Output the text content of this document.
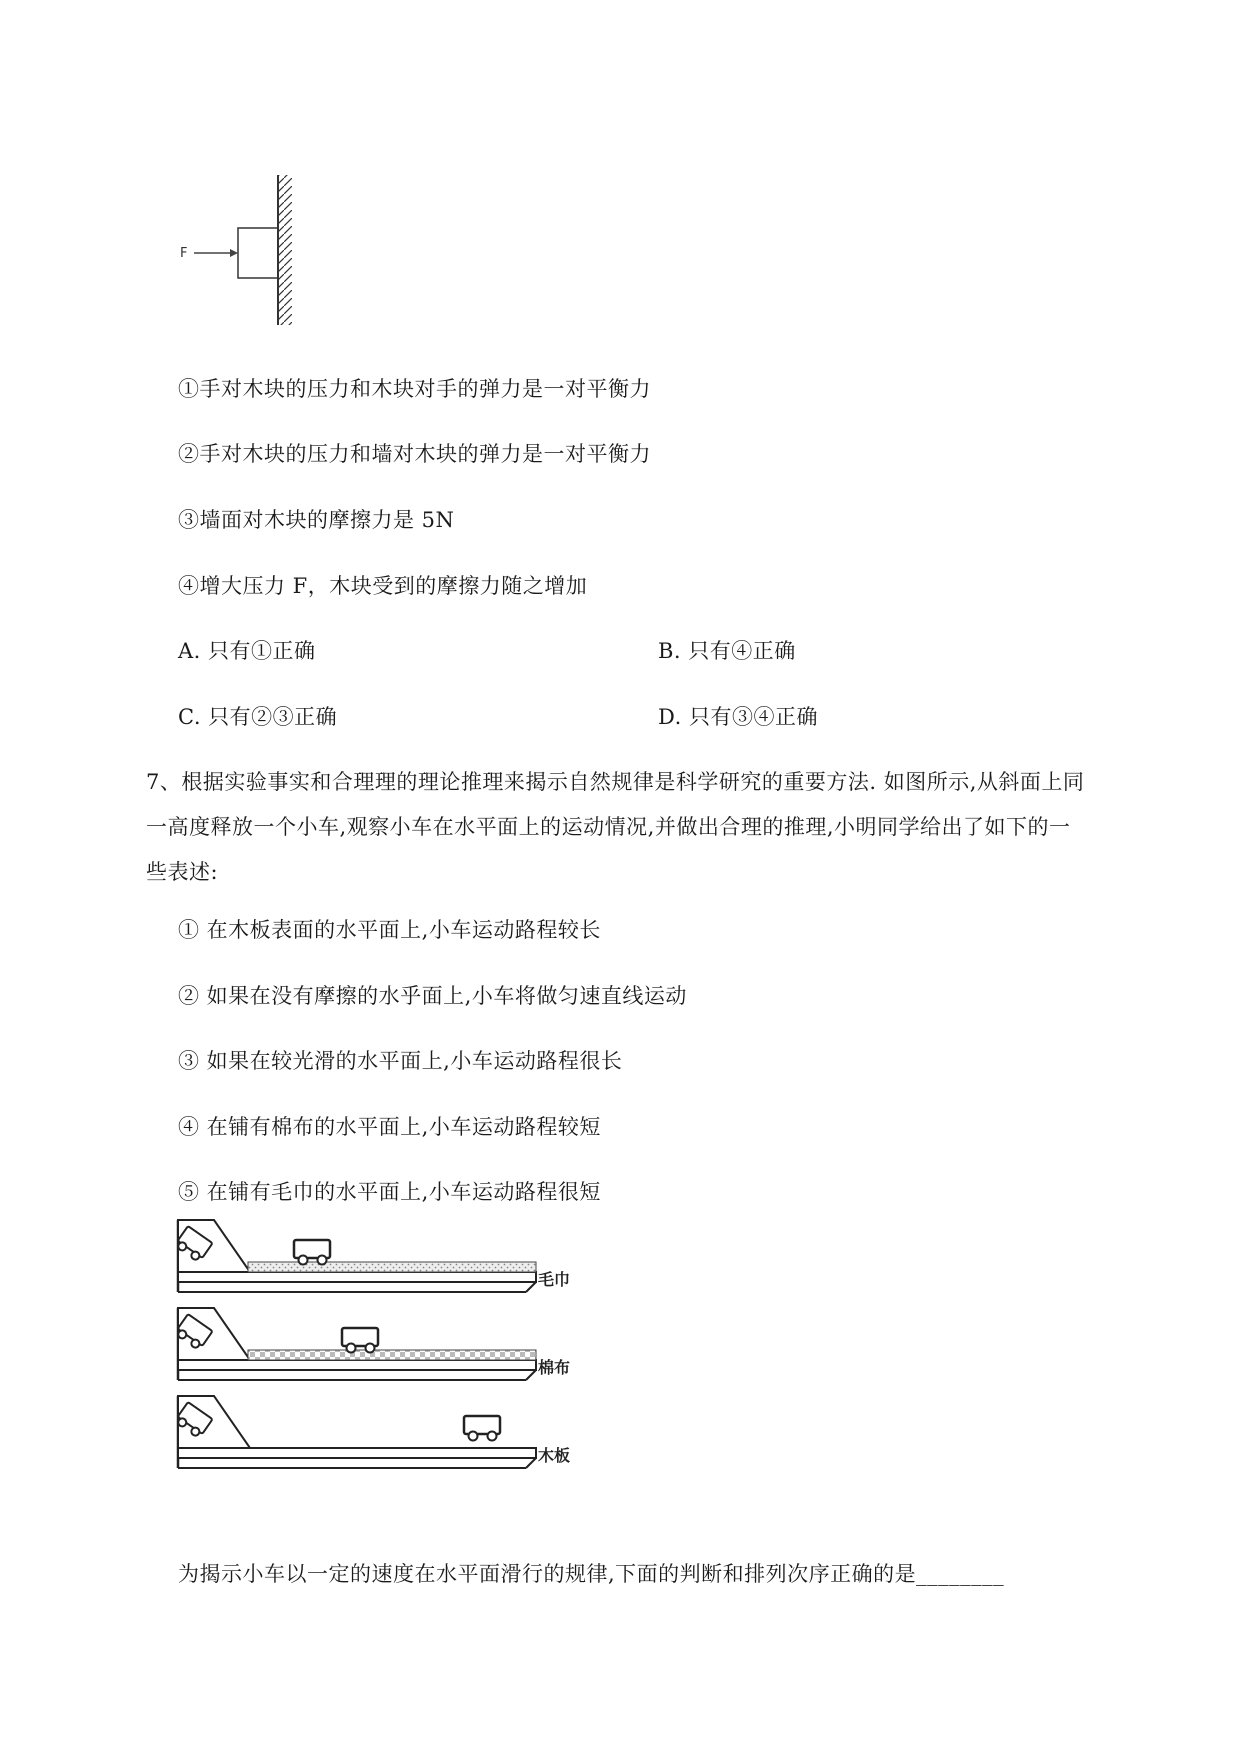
F
①手对木块的压力和木块对手的弹力是一对平衡力
②手对木块的压力和墙对木块的弹力是一对平衡力
③墙面对木块的摩擦力是 5N
④增大压力 F，木块受到的摩擦力随之增加
A. 只有①正确	B. 只有④正确
C. 只有②③正确	D. 只有③④正确
7、根据实验事实和合理理的理论推理来揭示自然规律是科学研究的重要方法. 如图所示,从斜面上同
一高度释放一个小车,观察小车在水平面上的运动情况,并做出合理的推理,小明同学给出了如下的一
些表述:
① 在木板表面的水平面上,小车运动路程较长
② 如果在没有摩擦的水乎面上,小车将做匀速直线运动
③ 如果在较光滑的水平面上,小车运动路程很长
④ 在铺有棉布的水平面上,小车运动路程较短
⑤ 在铺有毛巾的水平面上,小车运动路程很短
毛巾
棉布
木板
为揭示小车以一定的速度在水平面滑行的规律,下面的判断和排列次序正确的是________
